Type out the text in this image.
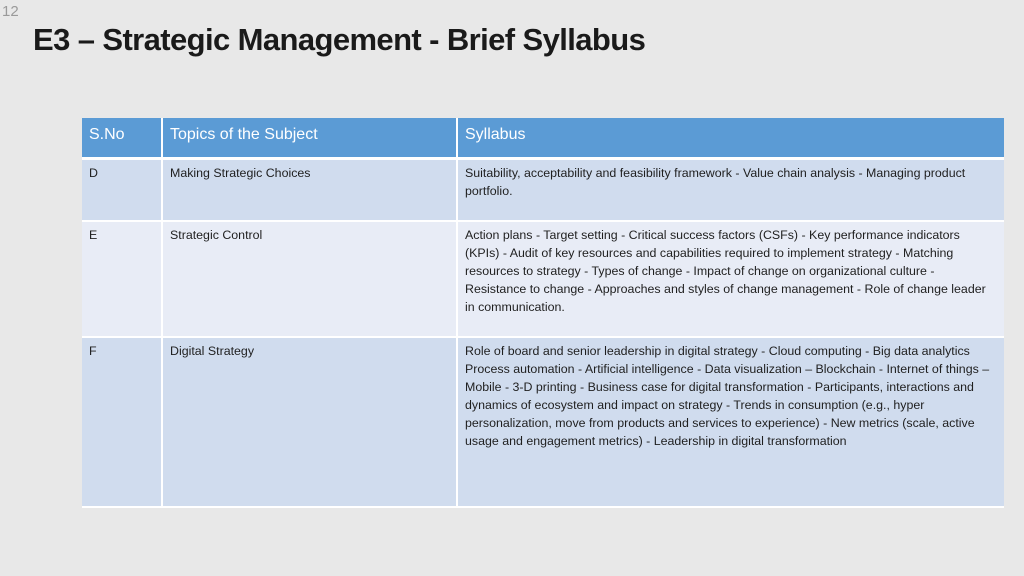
12
E3 – Strategic Management - Brief Syllabus
S.No	Topics of the Subject	Syllabus
D	Making Strategic Choices	Suitability, acceptability and feasibility framework - Value chain analysis - Managing product portfolio.

E	Strategic Control	Action plans - Target setting - Critical success factors (CSFs) - Key performance indicators (KPIs) - Audit of key resources and capabilities required to implement strategy - Matching resources to strategy - Types of change - Impact of change on organizational culture -
Resistance to change - Approaches and styles of change management - Role of change leader in communication.

F	Digital Strategy	Role of board and senior leadership in digital strategy - Cloud computing - Big data analytics
Process automation - Artificial intelligence - Data visualization – Blockchain - Internet of things – Mobile - 3-D printing - Business case for digital transformation - Participants, interactions and dynamics of ecosystem and impact on strategy - Trends in consumption (e.g., hyper personalization, move from products and services to experience) - New metrics (scale, active usage and engagement metrics) - Leadership in digital transformation
